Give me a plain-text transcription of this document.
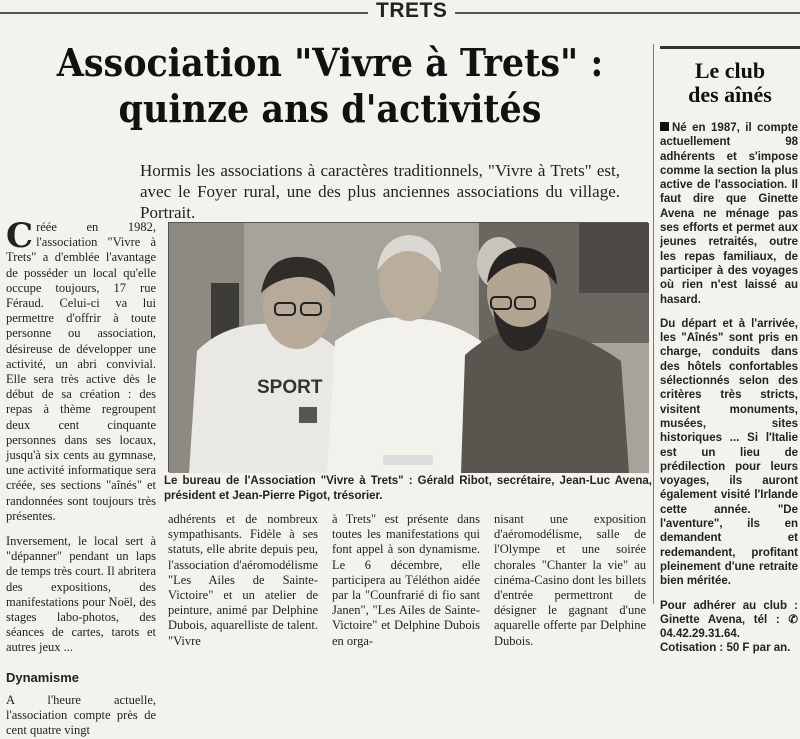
TRETS
Association "Vivre à Trets" :
quinze ans d'activités

Hormis les associations à caractères traditionnels, "Vivre à Trets" est, avec le Foyer rural, une des plus anciennes associations du village. Portrait.

C réée en 1982, l'association "Vivre à Trets" a d'emblée l'avantage de posséder un local qu'elle occupe toujours, 17 rue Féraud. Celui-ci va lui permettre d'offrir à toute personne ou association, désireuse de développer une activité, un abri convivial. Elle sera très active dès le début de sa création : des repas à thème regroupent deux cent cinquante personnes dans ses locaux, jusqu'à six cents au gymnase, une activité informatique sera créée, ses sections "aînés" et randonnées sont toujours très présentes.
Inversement, le local sert à "dépanner" pendant un laps de temps très court. Il abritera des expositions, des manifestations pour Noël, des stages labo-photos, des séances de cartes, tarots et autres jeux ...
Dynamisme
A l'heure actuelle, l'association compte près de cent quatre vingt
SPORT

Le bureau de l'Association "Vivre à Trets" : Gérald Ribot, secrétaire, Jean-Luc Avena, président et Jean-Pierre Pigot, trésorier.

adhérents et de nombreux sympathisants. Fidèle à ses statuts, elle abrite depuis peu, l'association d'aéromodélisme "Les Ailes de Sainte-Victoire" et un atelier de peinture, animé par Delphine Dubois, aquarelliste de talent. "Vivre

à Trets" est présente dans toutes les manifestations qui font appel à son dynamisme. Le 6 décembre, elle participera au Téléthon aidée par la "Counfrarié di fio sant Janen", "Les Ailes de Sainte-Victoire" et Delphine Dubois en orga-

nisant une exposition d'aéromodélisme, salle de l'Olympe et une soirée chorales "Chanter la vie" au cinéma-Casino dont les billets d'entrée permettront de désigner le gagnant d'une aquarelle offerte par Delphine Dubois.

Le club
des aînés

Né en 1987, il compte actuellement 98 adhérents et s'impose comme la section la plus active de l'association. Il faut dire que Ginette Avena ne ménage pas ses efforts et permet aux jeunes retraités, outre les repas familiaux, de participer à des voyages où rien n'est laissé au hasard.

Du départ et à l'arrivée, les "Aînés" sont pris en charge, conduits dans des hôtels confortables sélectionnés selon des critères très stricts, visitent monuments, musées, sites historiques ... Si l'Italie est un lieu de prédilection pour leurs voyages, ils auront également visité l'Irlande cette année. "De l'aventure", ils en demandent et redemandent, profitant pleinement d'une retraite bien méritée.

Pour adhérer au club : Ginette Avena, tél : ✆ 04.42.29.31.64. Cotisation : 50 F par an.
